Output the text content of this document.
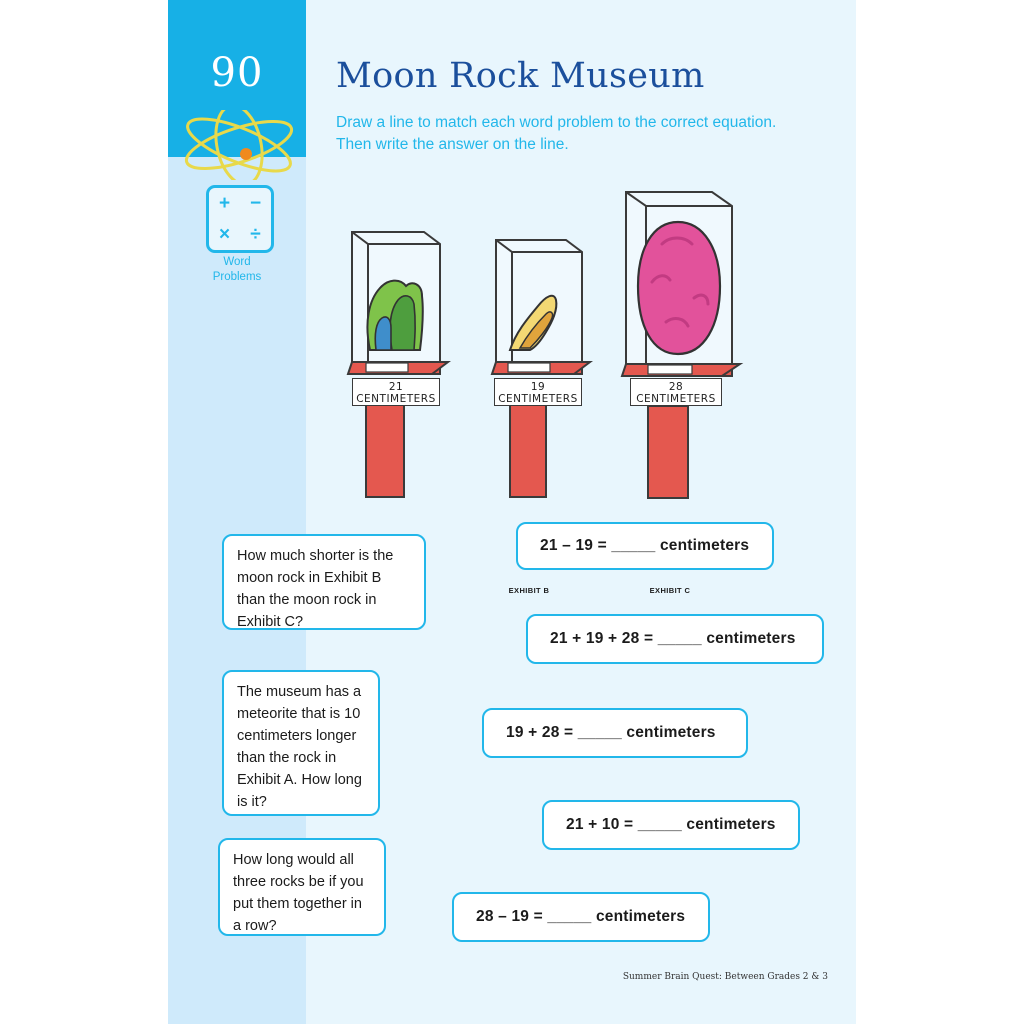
90
+	−
×	÷
Word
Problems
Moon Rock Museum
Draw a line to match each word problem to the correct equation. Then write the answer on the line.
21
CENTIMETERS
EXHIBIT B
19
CENTIMETERS
EXHIBIT C
28
CENTIMETERS
How much shorter is the moon rock in Exhibit B than the moon rock in Exhibit C?
The museum has a meteorite that is 10 centimeters longer than the rock in Exhibit A. How long is it?
How long would all three rocks be if you put them together in a row?
21 – 19 = _____ centimeters
21 + 19 + 28 = _____ centimeters
19 + 28 = _____ centimeters
21 + 10 = _____ centimeters
28 – 19 = _____ centimeters
Summer Brain Quest: Between Grades 2 & 3
